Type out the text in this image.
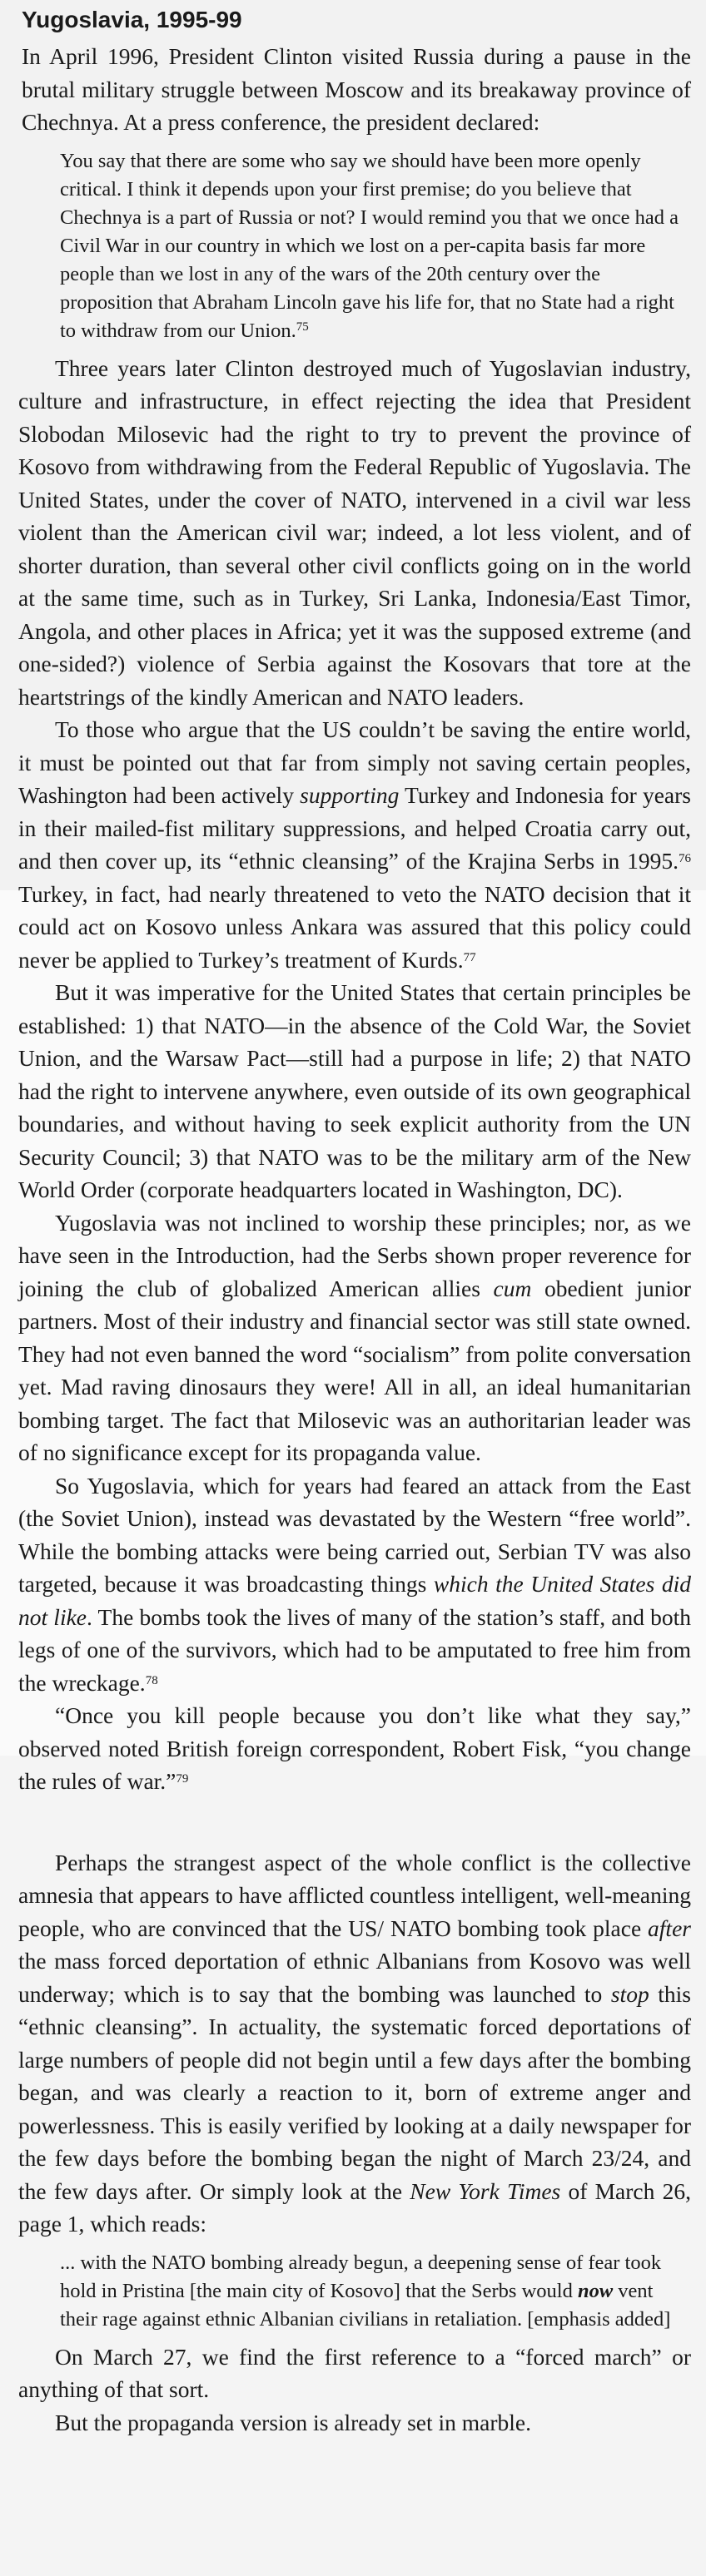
Yugoslavia, 1995-99

In April 1996, President Clinton visited Russia during a pause in the brutal military struggle between Moscow and its breakaway province of Chechnya. At a press conference, the president declared:

You say that there are some who say we should have been more openly critical. I think it depends upon your first premise; do you believe that Chechnya is a part of Russia or not? I would remind you that we once had a Civil War in our country in which we lost on a per-capita basis far more people than we lost in any of the wars of the 20th century over the proposition that Abraham Lincoln gave his life for, that no State had a right to withdraw from our Union.$^{75}$

Three years later Clinton destroyed much of Yugoslavian industry, culture and infrastructure, in effect rejecting the idea that President Slobodan Milosevic had the right to try to prevent the province of Kosovo from withdrawing from the Federal Republic of Yugoslavia. The United States, under the cover of NATO, intervened in a civil war less violent than the American civil war; indeed, a lot less violent, and of shorter duration, than several other civil conflicts going on in the world at the same time, such as in Turkey, Sri Lanka, Indonesia/East Timor, Angola, and other places in Africa; yet it was the supposed extreme (and one-sided?) violence of Serbia against the Kosovars that tore at the heartstrings of the kindly American and NATO leaders.

To those who argue that the US couldn’t be saving the entire world, it must be pointed out that far from simply not saving certain peoples, Washington had been actively supporting Turkey and Indonesia for years in their mailed-fist military suppressions, and helped Croatia carry out, and then cover up, its “ethnic cleansing” of the Krajina Serbs in 1995.76 Turkey, in fact, had nearly threatened to veto the NATO decision that it could act on Kosovo unless Ankara was assured that this policy could never be applied to Turkey’s treatment of Kurds.$^{77}$

But it was imperative for the United States that certain principles be established: 1) that NATO—in the absence of the Cold War, the Soviet Union, and the Warsaw Pact—still had a purpose in life; 2) that NATO had the right to intervene anywhere, even outside of its own geographical boundaries, and without having to seek explicit authority from the UN Security Council; 3) that NATO was to be the military arm of the New World Order (corporate headquarters located in Washington, DC).

Yugoslavia was not inclined to worship these principles; nor, as we have seen in the Introduction, had the Serbs shown proper reverence for joining the club of globalized American allies cum obedient junior partners. Most of their industry and financial sector was still state owned. They had not even banned the word “socialism” from polite conversation yet. Mad raving dinosaurs they were! All in all, an ideal humanitarian bombing target. The fact that Milosevic was an authoritarian leader was of no significance except for its propaganda value.

So Yugoslavia, which for years had feared an attack from the East (the Soviet Union), instead was devastated by the Western “free world”. While the bombing attacks were being carried out, Serbian TV was also targeted, because it was broadcasting things which the United States did not like. The bombs took the lives of many of the station’s staff, and both legs of one of the survivors, which had to be amputated to free him from the wreckage.$^{78}$

“Once you kill people because you don’t like what they say,” observed noted British foreign correspondent, Robert Fisk, “you change the rules of war.”$^{79}$

Perhaps the strangest aspect of the whole conflict is the collective amnesia that appears to have afflicted countless intelligent, well-meaning people, who are convinced that the US/ NATO bombing took place after the mass forced deportation of ethnic Albanians from Kosovo was well underway; which is to say that the bombing was launched to stop this “ethnic cleansing”. In actuality, the systematic forced deportations of large numbers of people did not begin until a few days after the bombing began, and was clearly a reaction to it, born of extreme anger and powerlessness. This is easily verified by looking at a daily newspaper for the few days before the bombing began the night of March 23/24, and the few days after. Or simply look at the New York Times of March 26, page 1, which reads:

... with the NATO bombing already begun, a deepening sense of fear took hold in Pristina [the main city of Kosovo] that the Serbs would now vent their rage against ethnic Albanian civilians in retaliation. [emphasis added]

On March 27, we find the first reference to a “forced march” or anything of that sort.

But the propaganda version is already set in marble.
